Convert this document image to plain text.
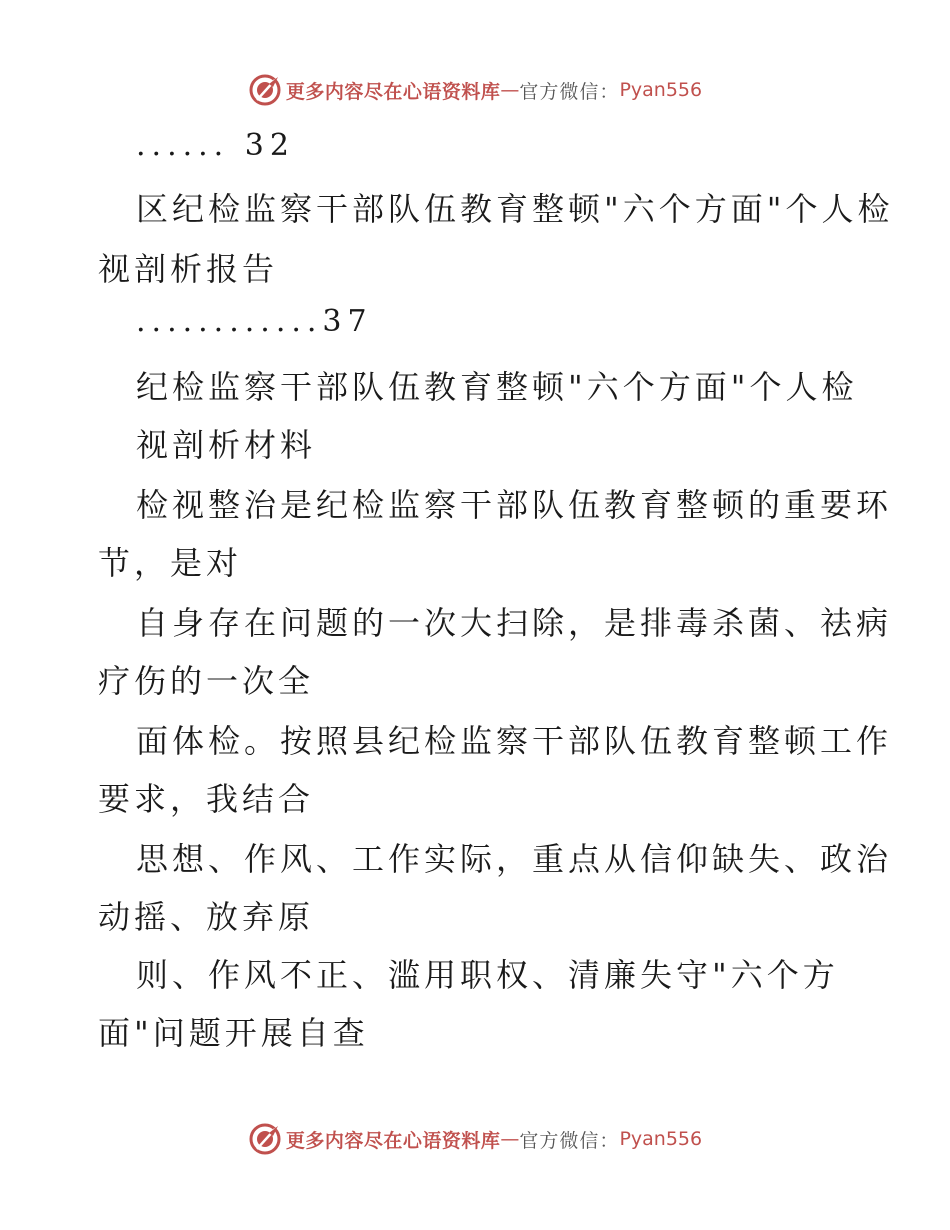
更多内容尽在心语资料库 — 官方微信： Pyan556
...... 32
区纪检监察干部队伍教育整顿"六个方面"个人检
视剖析报告
............37
纪检监察干部队伍教育整顿"六个方面"个人检
视剖析材料
检视整治是纪检监察干部队伍教育整顿的重要环
节，是对
自身存在问题的一次大扫除，是排毒杀菌、祛病
疗伤的一次全
面体检。按照县纪检监察干部队伍教育整顿工作
要求，我结合
思想、作风、工作实际，重点从信仰缺失、政治
动摇、放弃原
则、作风不正、滥用职权、清廉失守"六个方
面"问题开展自查
更多内容尽在心语资料库 — 官方微信： Pyan556
